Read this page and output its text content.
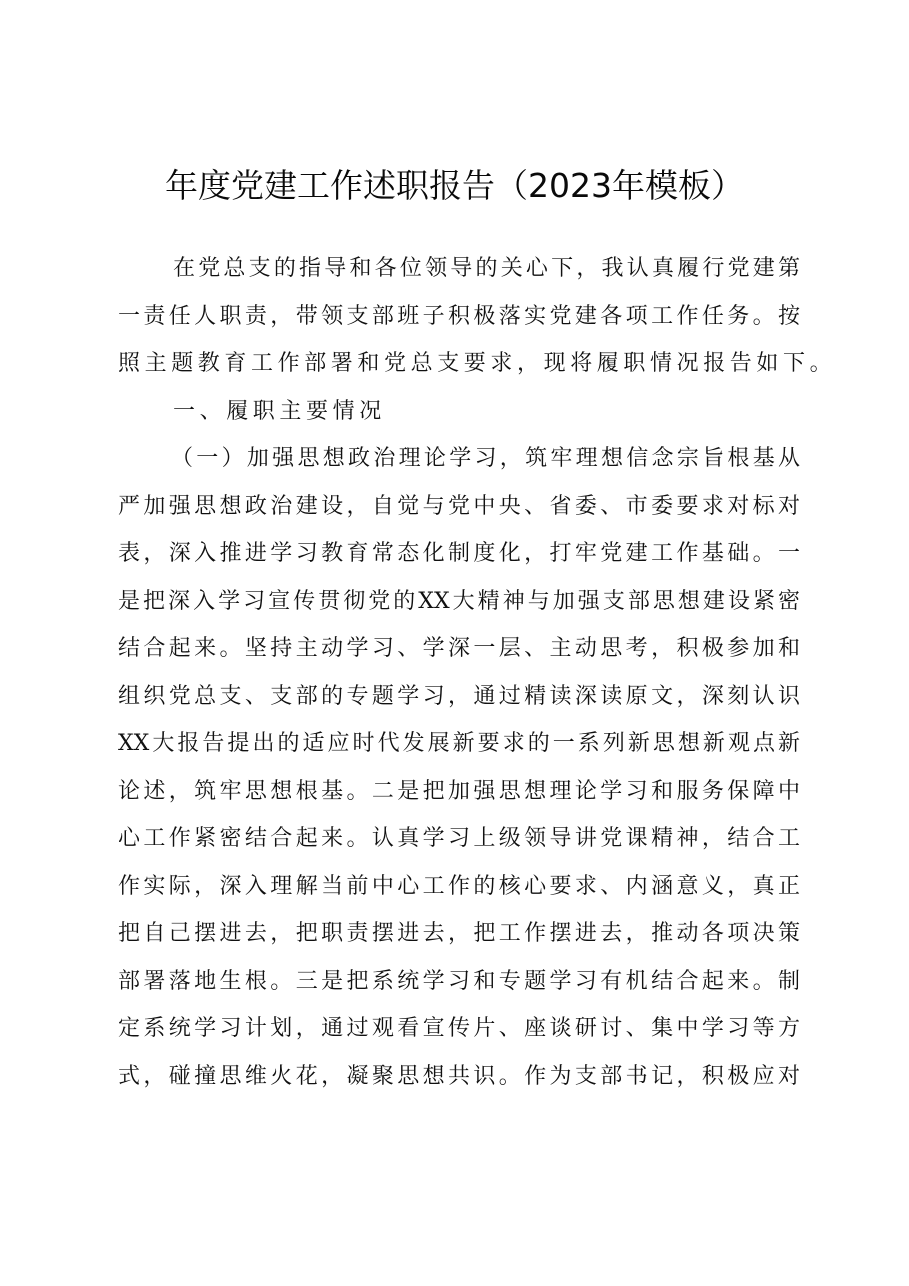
年度党建工作述职报告（2023年模板）
在党总支的指导和各位领导的关心下，我认真履行党建第
一责任人职责，带领支部班子积极落实党建各项工作任务。按
照主题教育工作部署和党总支要求，现将履职情况报告如下。
一、履职主要情况
（一）加强思想政治理论学习，筑牢理想信念宗旨根基从
严加强思想政治建设，自觉与党中央、省委、市委要求对标对
表，深入推进学习教育常态化制度化，打牢党建工作基础。一
是把深入学习宣传贯彻党的XX大精神与加强支部思想建设紧密
结合起来。坚持主动学习、学深一层、主动思考，积极参加和
组织党总支、支部的专题学习，通过精读深读原文，深刻认识
XX大报告提出的适应时代发展新要求的一系列新思想新观点新
论述，筑牢思想根基。二是把加强思想理论学习和服务保障中
心工作紧密结合起来。认真学习上级领导讲党课精神，结合工
作实际，深入理解当前中心工作的核心要求、内涵意义，真正
把自己摆进去，把职责摆进去，把工作摆进去，推动各项决策
部署落地生根。三是把系统学习和专题学习有机结合起来。制
定系统学习计划，通过观看宣传片、座谈研讨、集中学习等方
式，碰撞思维火花，凝聚思想共识。作为支部书记，积极应对
